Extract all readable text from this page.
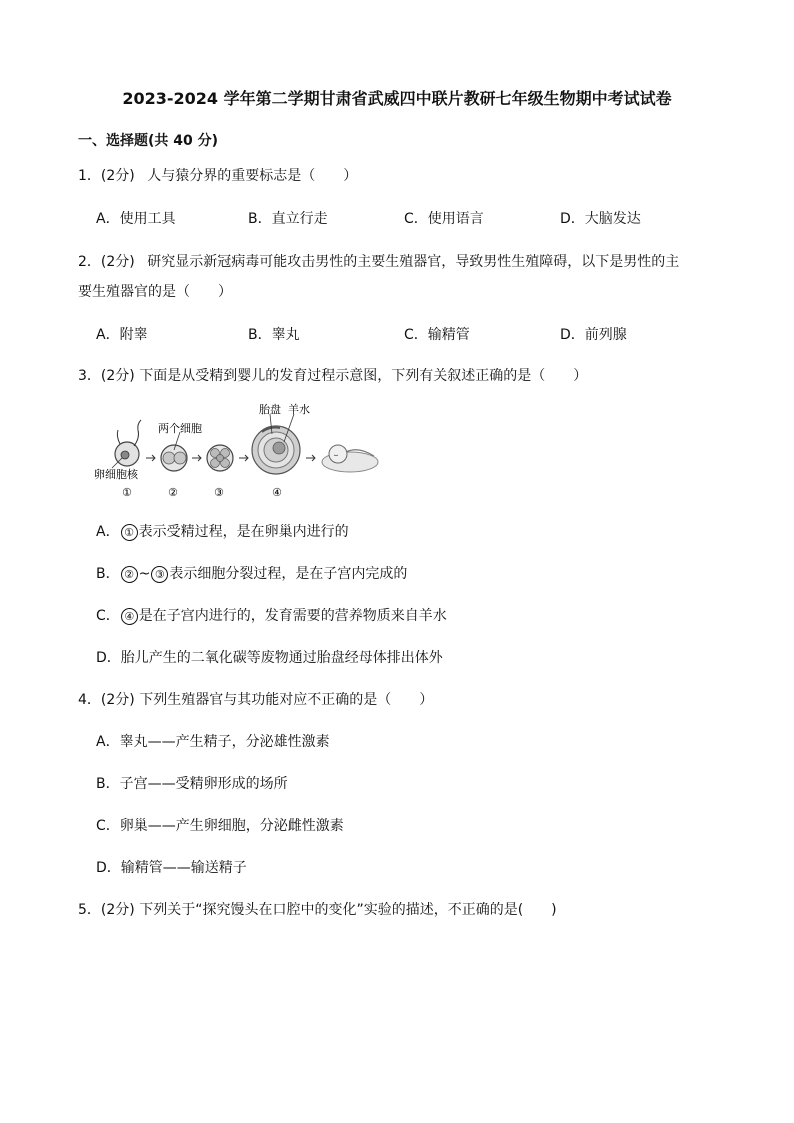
2023-2024 学年第二学期甘肃省武威四中联片教研七年级生物期中考试试卷
一、选择题(共 40 分)
1．(2分) 人与猿分界的重要标志是（　　）
A．使用工具	B．直立行走	C．使用语言	D．大脑发达
2．(2分) 研究显示新冠病毒可能攻击男性的主要生殖器官，导致男性生殖障碍，以下是男性的主
要生殖器官的是（　　）
A．附睾	B．睾丸	C．输精管	D．前列腺
3．(2分) 下面是从受精到婴儿的发育过程示意图，下列有关叙述正确的是（　　）
两个细胞
卵细胞核
胎盘 羊水
①	②	③	④
A． ① 表示受精过程，是在卵巢内进行的
B． ② ~ ③ 表示细胞分裂过程，是在子宫内完成的
C． ④ 是在子宫内进行的，发育需要的营养物质来自羊水
D．胎儿产生的二氧化碳等废物通过胎盘经母体排出体外
4．(2分) 下列生殖器官与其功能对应不正确的是（　　）
A．睾丸——产生精子，分泌雄性激素
B．子宫——受精卵形成的场所
C．卵巢——产生卵细胞，分泌雌性激素
D．输精管——输送精子
5．(2分) 下列关于“探究馒头在口腔中的变化”实验的描述，不正确的是(　　)
